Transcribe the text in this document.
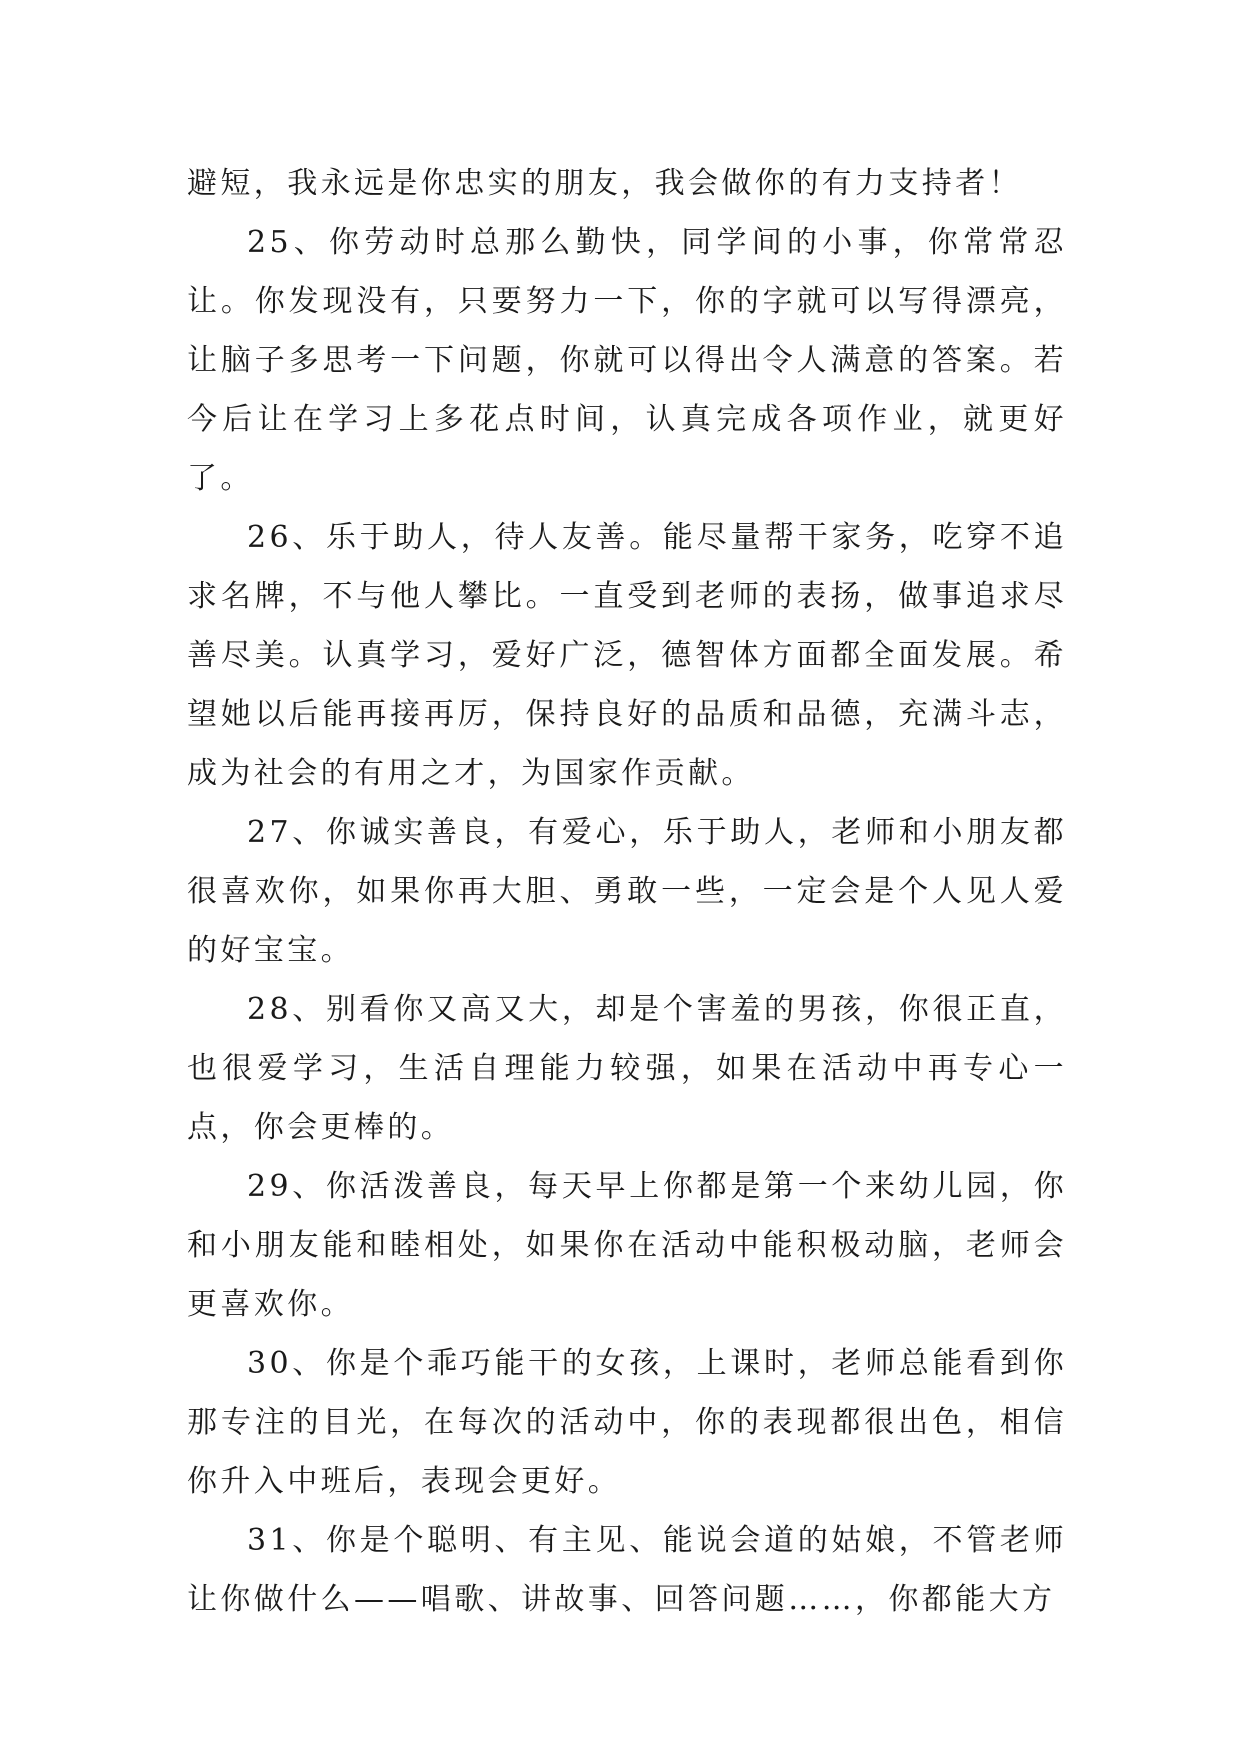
避短，我永远是你忠实的朋友，我会做你的有力支持者！

25、你劳动时总那么勤快，同学间的小事，你常常忍让。你发现没有，只要努力一下，你的字就可以写得漂亮，让脑子多思考一下问题，你就可以得出令人满意的答案。若今后让在学习上多花点时间，认真完成各项作业，就更好了。

26、乐于助人，待人友善。能尽量帮干家务，吃穿不追求名牌，不与他人攀比。一直受到老师的表扬，做事追求尽善尽美。认真学习，爱好广泛，德智体方面都全面发展。希望她以后能再接再厉，保持良好的品质和品德，充满斗志，成为社会的有用之才，为国家作贡献。

27、你诚实善良，有爱心，乐于助人，老师和小朋友都很喜欢你，如果你再大胆、勇敢一些，一定会是个人见人爱的好宝宝。

28、别看你又高又大，却是个害羞的男孩，你很正直，也很爱学习，生活自理能力较强，如果在活动中再专心一点，你会更棒的。

29、你活泼善良，每天早上你都是第一个来幼儿园，你和小朋友能和睦相处，如果你在活动中能积极动脑，老师会更喜欢你。

30、你是个乖巧能干的女孩，上课时，老师总能看到你那专注的目光，在每次的活动中，你的表现都很出色，相信你升入中班后，表现会更好。

31、你是个聪明、有主见、能说会道的姑娘，不管老师让你做什么——唱歌、讲故事、回答问题……，你都能大方
